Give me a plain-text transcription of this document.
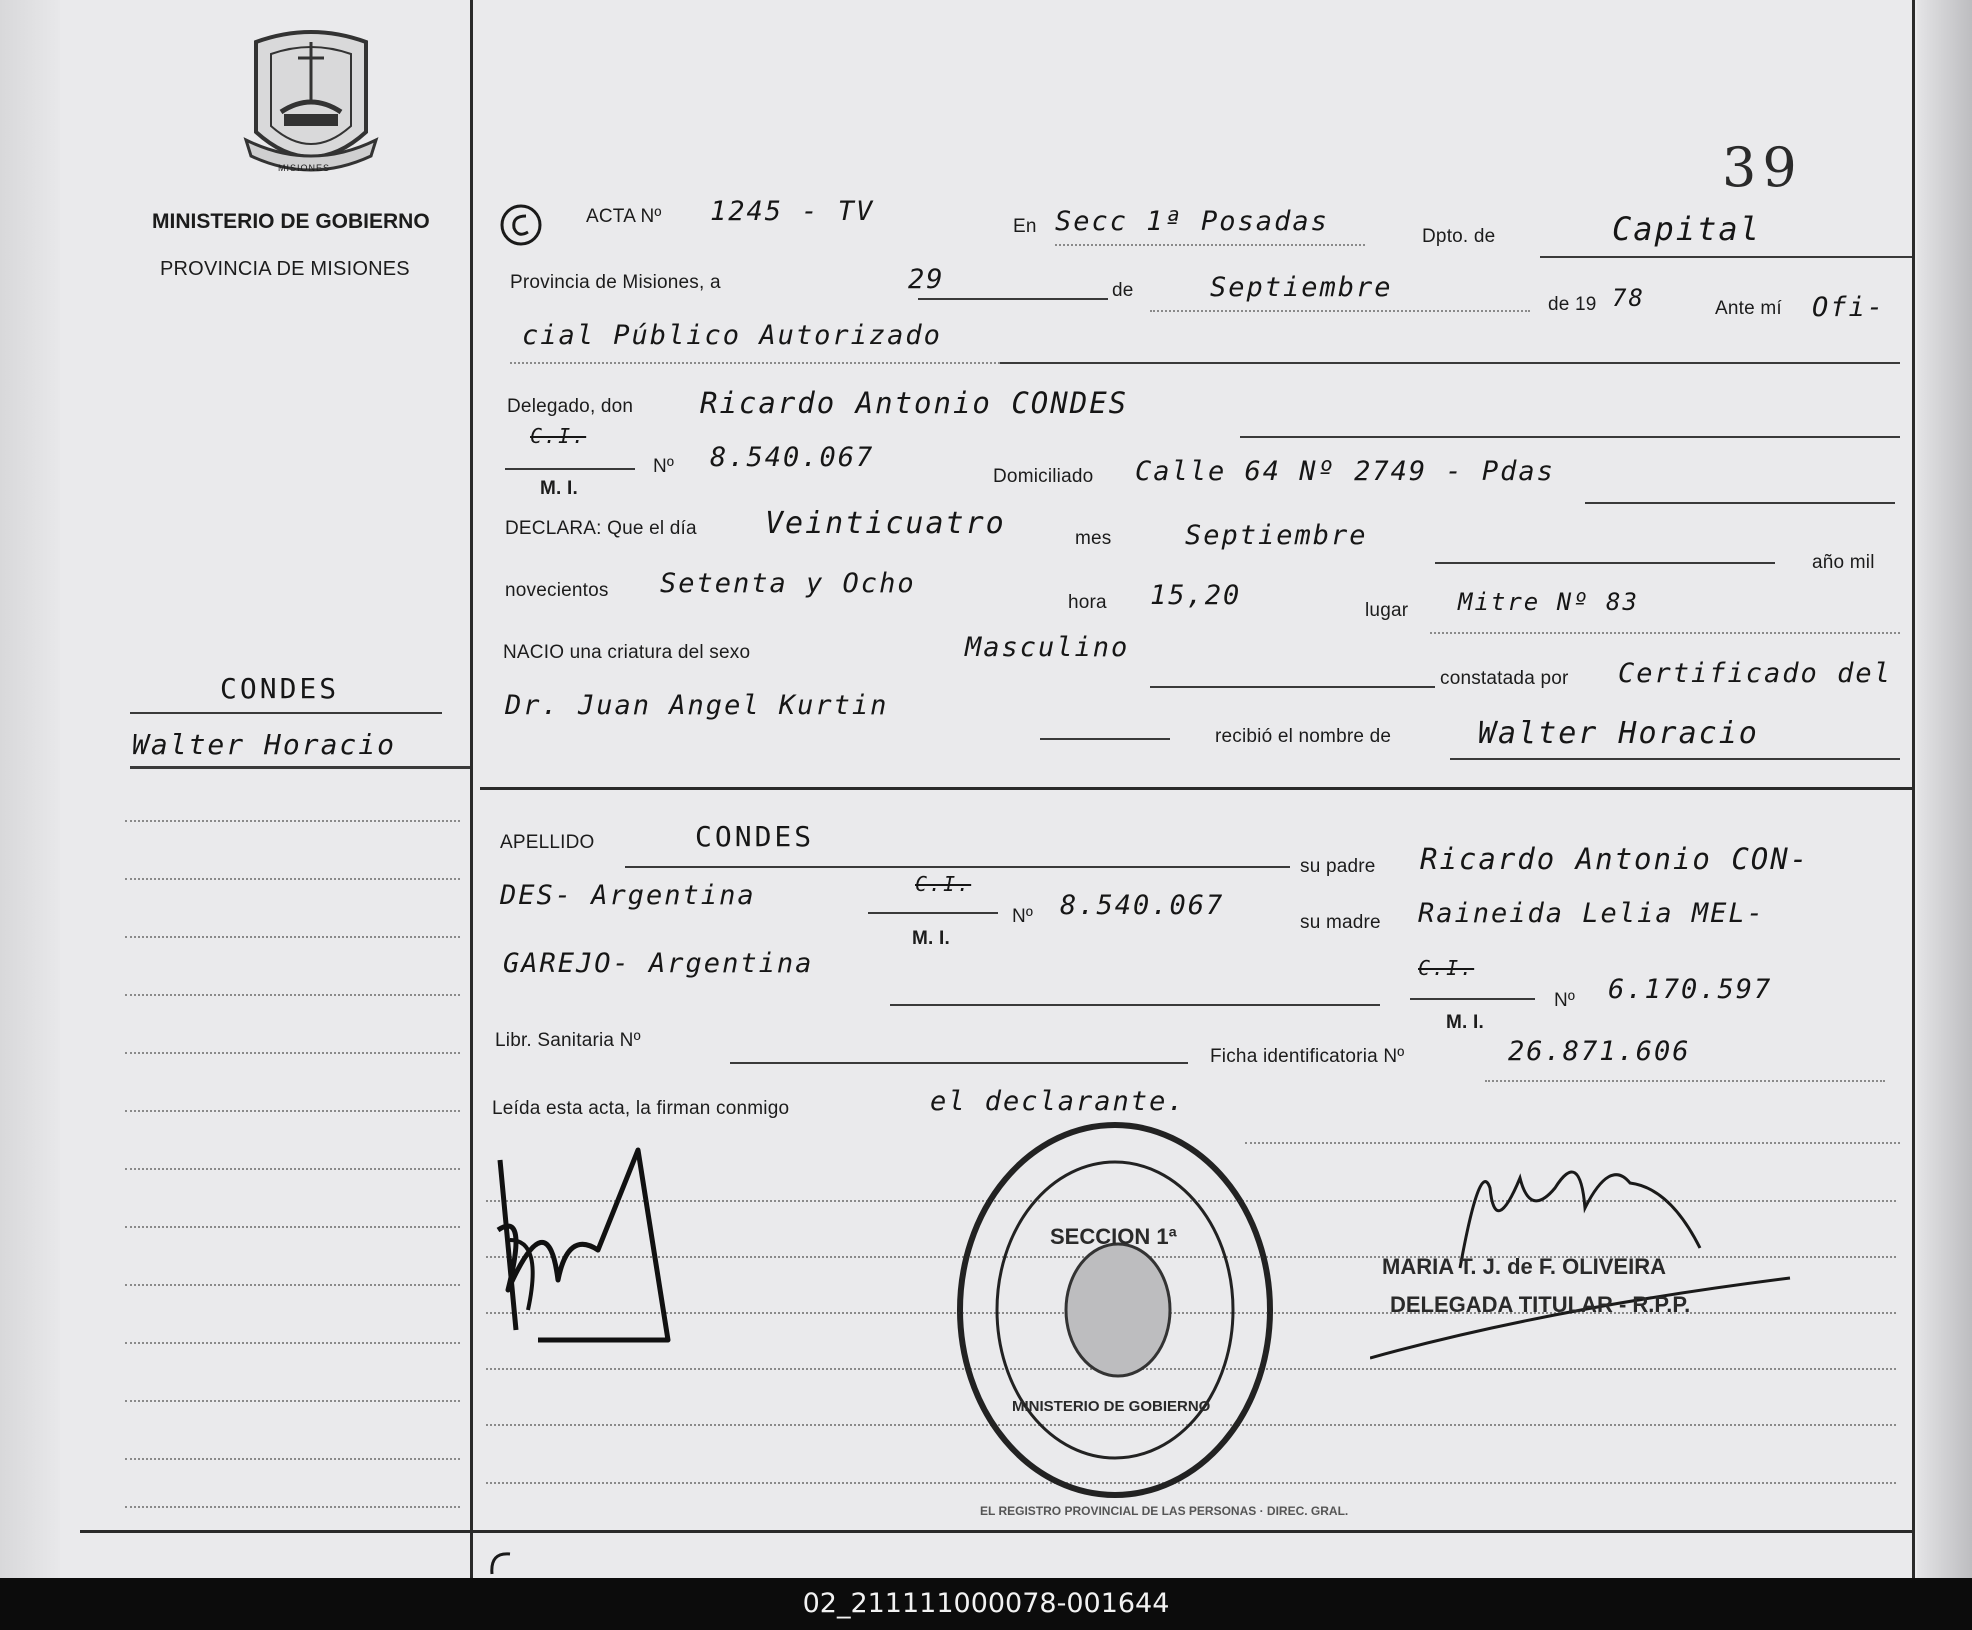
MISIONES
MINISTERIO DE GOBIERNO
PROVINCIA DE MISIONES
39
CONDES
Walter Horacio
ACTA Nº 1245 - TV	En Secc 1ª Posadas	Dpto. de	Capital
Provincia de Misiones, a	29	de	Septiembre
de 19 78	Ante mí Ofi-
cial Público Autorizado
Delegado, don Ricardo Antonio CONDES
C.I.
M. I.
Nº 8.540.067
Domiciliado Calle 64 Nº 2749 - Pdas
DECLARA: Que el día Veinticuatro	mes	Septiembre
año mil
novecientos Setenta y Ocho
hora 15,20	lugar Mitre Nº 83
NACIO una criatura del sexo	Masculino
constatada por Certificado del
Dr. Juan Angel Kurtin
recibió el nombre de	Walter Horacio
APELLIDO	CONDES
su padre Ricardo Antonio CON-
DES- Argentina	C.I.
M. I.
Nº 8.540.067
su madre Raineida Lelia MEL-
GAREJO- Argentina	C.I.
M. I.
Nº 6.170.597
Libr. Sanitaria Nº
Ficha identificatoria Nº	26.871.606
Leída esta acta, la firman conmigo	el declarante.
EL REGISTRO PROVINCIAL DE LAS PERSONAS · DIREC. GRAL.
SECCION 1ª
MINISTERIO DE GOBIERNO
MARIA T. J. de F. OLIVEIRA
DELEGADA TITULAR - R.P.P.
02_211111000078-001644
